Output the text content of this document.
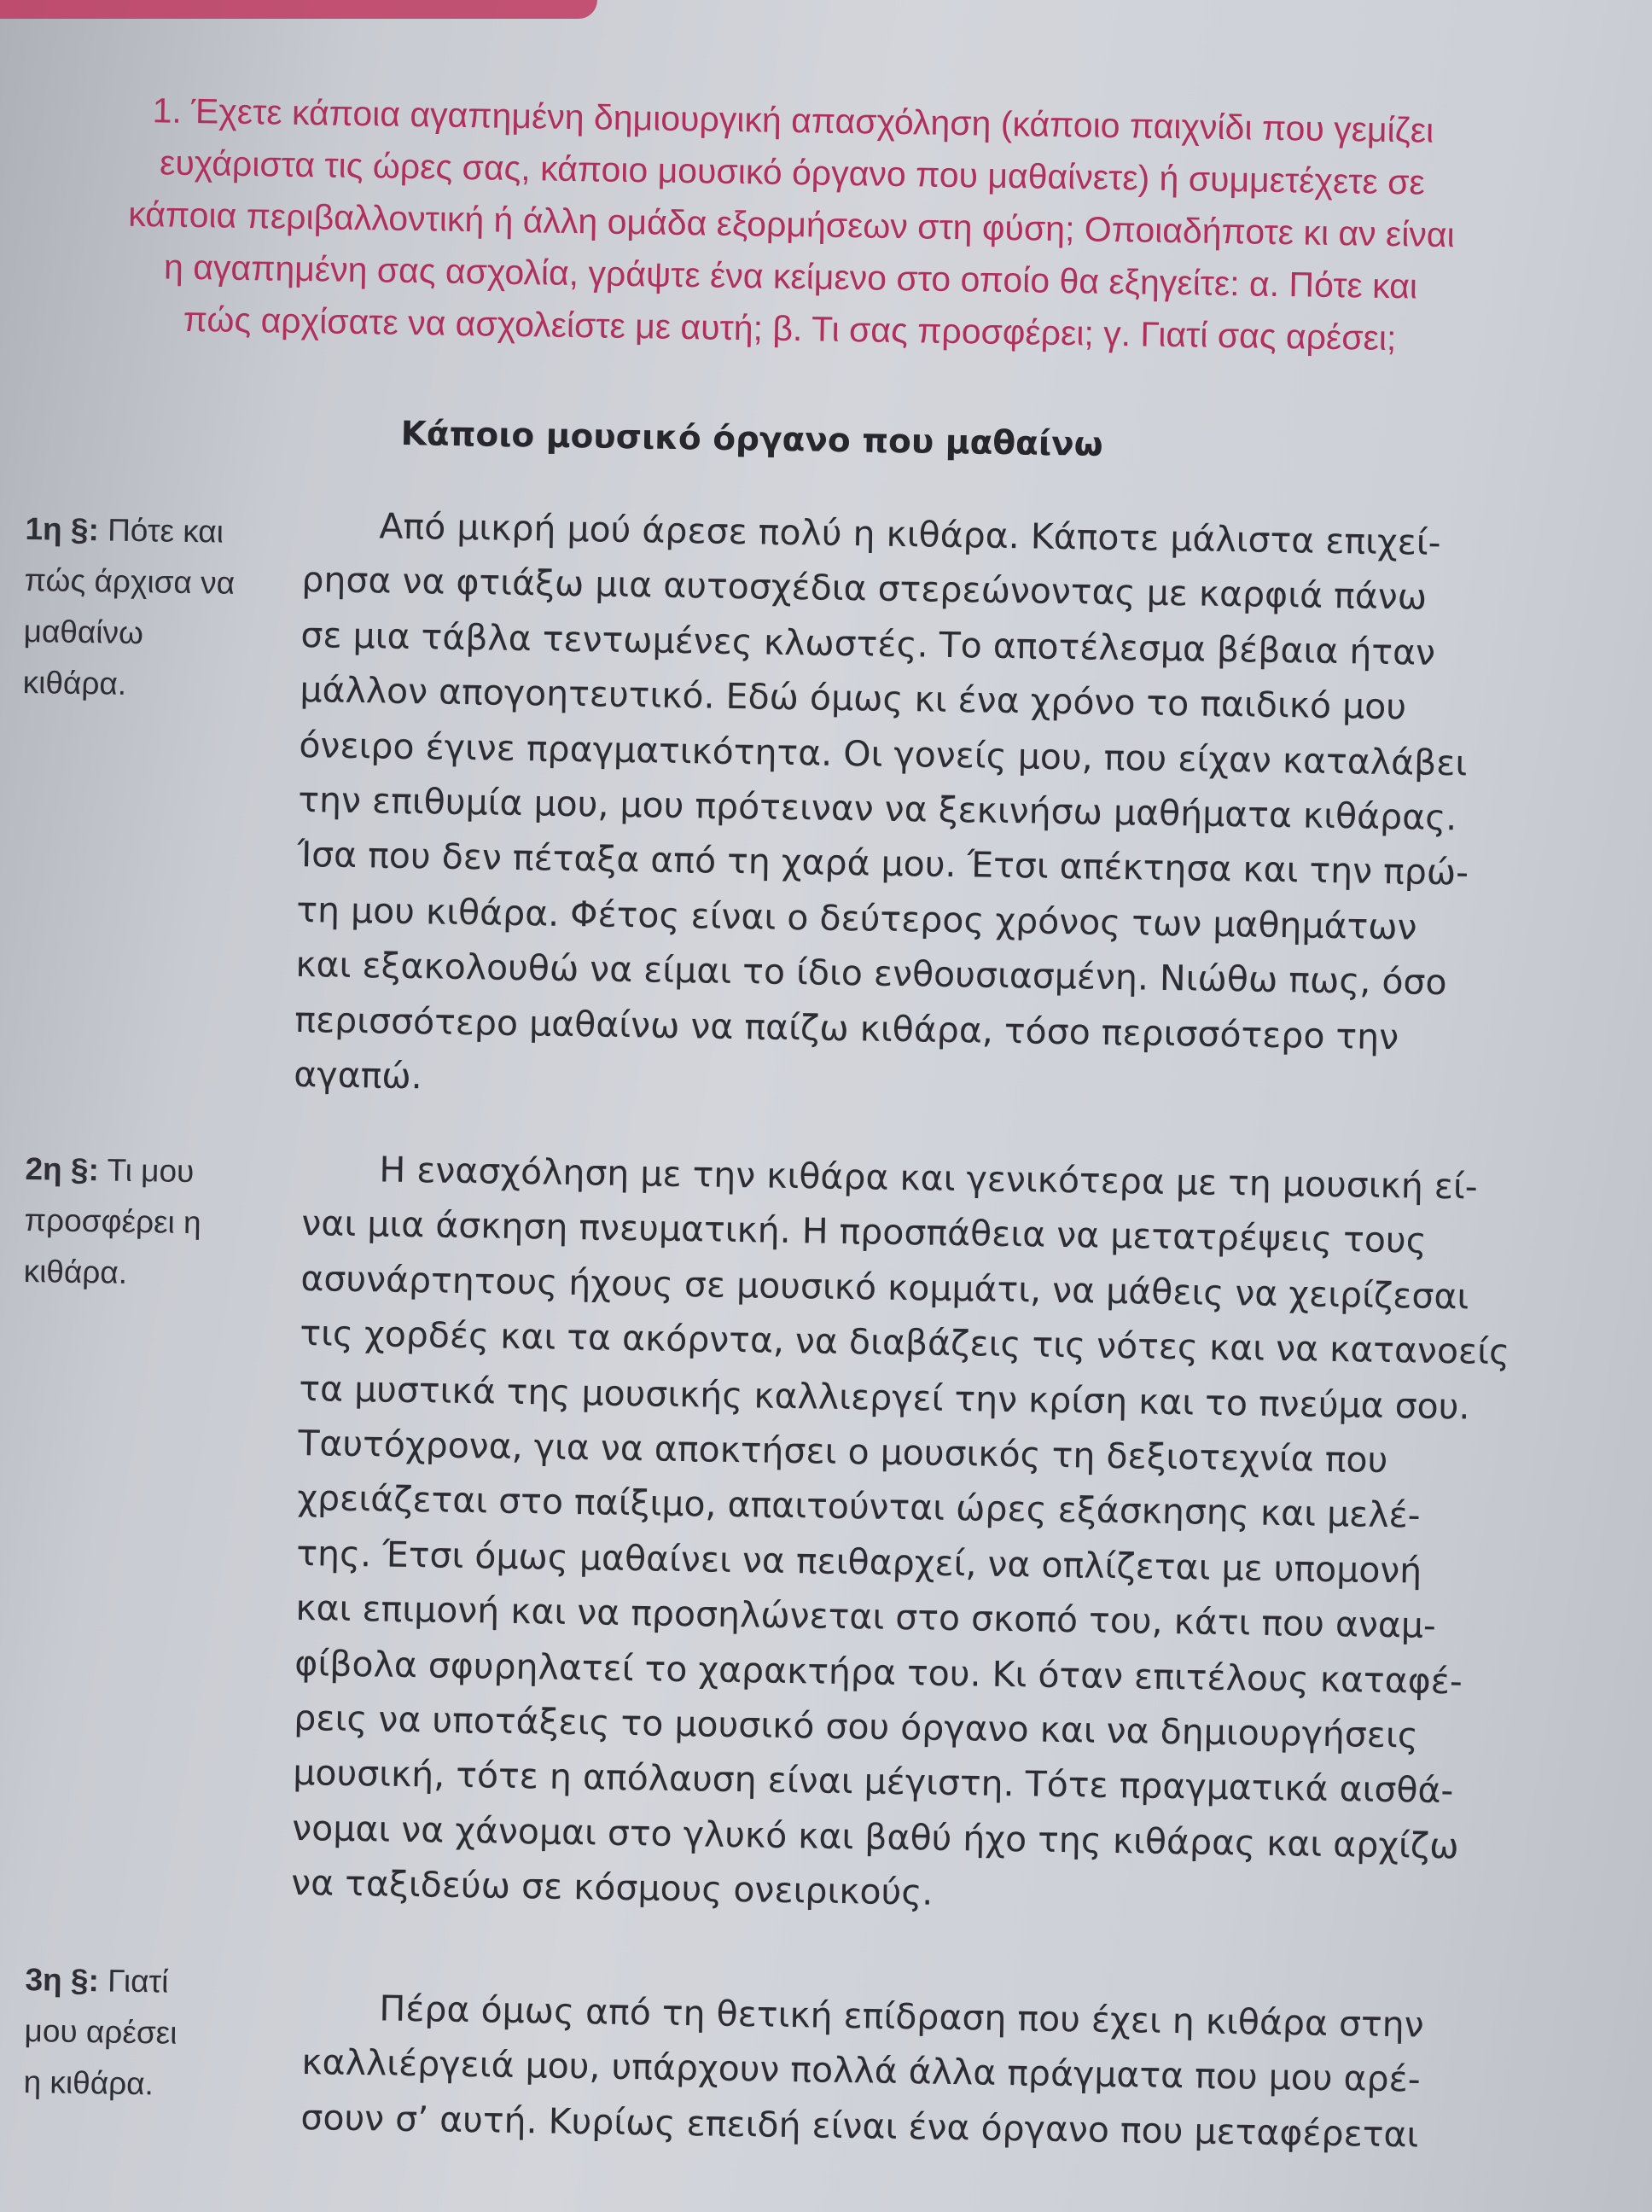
1. Έχετε κάποια αγαπημένη δημιουργική απασχόληση (κάποιο παιχνίδι που γεμίζει
ευχάριστα τις ώρες σας, κάποιο μουσικό όργανο που μαθαίνετε) ή συμμετέχετε σε
κάποια περιβαλλοντική ή άλλη ομάδα εξορμήσεων στη φύση; Οποιαδήποτε κι αν είναι
η αγαπημένη σας ασχολία, γράψτε ένα κείμενο στο οποίο θα εξηγείτε: α. Πότε και
πώς αρχίσατε να ασχολείστε με αυτή; β. Τι σας προσφέρει; γ. Γιατί σας αρέσει;
Κάποιο μουσικό όργανο που μαθαίνω
1η §: Πότε και
πώς άρχισα να
μαθαίνω
κιθάρα.
2η §: Τι μου
προσφέρει η
κιθάρα.
3η §: Γιατί
μου αρέσει
η κιθάρα.
Από μικρή μού άρεσε πολύ η κιθάρα. Κάποτε μάλιστα επιχεί-
ρησα να φτιάξω μια αυτοσχέδια στερεώνοντας με καρφιά πάνω
σε μια τάβλα τεντωμένες κλωστές. Το αποτέλεσμα βέβαια ήταν
μάλλον απογοητευτικό. Εδώ όμως κι ένα χρόνο το παιδικό μου
όνειρο έγινε πραγματικότητα. Οι γονείς μου, που είχαν καταλάβει
την επιθυμία μου, μου πρότειναν να ξεκινήσω μαθήματα κιθάρας.
Ίσα που δεν πέταξα από τη χαρά μου. Έτσι απέκτησα και την πρώ-
τη μου κιθάρα. Φέτος είναι ο δεύτερος χρόνος των μαθημάτων
και εξακολουθώ να είμαι το ίδιο ενθουσιασμένη. Νιώθω πως, όσο
περισσότερο μαθαίνω να παίζω κιθάρα, τόσο περισσότερο την
αγαπώ.
Η ενασχόληση με την κιθάρα και γενικότερα με τη μουσική εί-
ναι μια άσκηση πνευματική. Η προσπάθεια να μετατρέψεις τους
ασυνάρτητους ήχους σε μουσικό κομμάτι, να μάθεις να χειρίζεσαι
τις χορδές και τα ακόρντα, να διαβάζεις τις νότες και να κατανοείς
τα μυστικά της μουσικής καλλιεργεί την κρίση και το πνεύμα σου.
Ταυτόχρονα, για να αποκτήσει ο μουσικός τη δεξιοτεχνία που
χρειάζεται στο παίξιμο, απαιτούνται ώρες εξάσκησης και μελέ-
της. Έτσι όμως μαθαίνει να πειθαρχεί, να οπλίζεται με υπομονή
και επιμονή και να προσηλώνεται στο σκοπό του, κάτι που αναμ-
φίβολα σφυρηλατεί το χαρακτήρα του. Κι όταν επιτέλους καταφέ-
ρεις να υποτάξεις το μουσικό σου όργανο και να δημιουργήσεις
μουσική, τότε η απόλαυση είναι μέγιστη. Τότε πραγματικά αισθά-
νομαι να χάνομαι στο γλυκό και βαθύ ήχο της κιθάρας και αρχίζω
να ταξιδεύω σε κόσμους ονειρικούς.
Πέρα όμως από τη θετική επίδραση που έχει η κιθάρα στην
καλλιέργειά μου, υπάρχουν πολλά άλλα πράγματα που μου αρέ-
σουν σ’ αυτή. Κυρίως επειδή είναι ένα όργανο που μεταφέρεται
